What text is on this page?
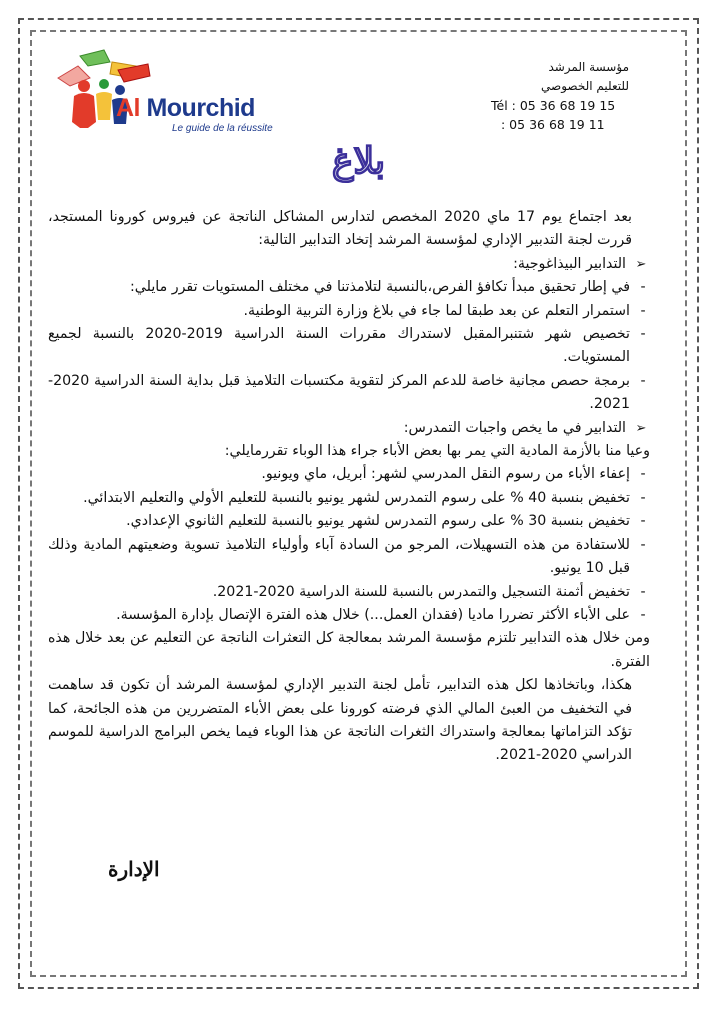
Al Mourchid
Le guide de la réussite
مؤسسة المرشد
للتعليم الخصوصي
Tél : 05 36 68 19 15
: 05 36 68 19 11
بلاغ

بعد اجتماع يوم 17 ماي 2020 المخصص لتدارس المشاكل الناتجة عن فيروس كورونا المستجد، قررت لجنة التدبير الإداري لمؤسسة المرشد إتخاد التدابير التالية:

➢
التدابير البيذاغوجية:
-
في إطار تحقيق مبدأ تكافؤ الفرص،بالنسبة لتلامذتنا في مختلف المستويات تقرر مايلي:
-
استمرار التعلم عن بعد طبقا لما جاء في بلاغ وزارة التربية الوطنية.
-
تخصيص شهر شتنبرالمقبل لاستدراك مقررات السنة الدراسية 2019-2020 بالنسبة لجميع المستويات.
-
برمجة حصص مجانية خاصة للدعم المركز لتقوية مكتسبات التلاميذ قبل بداية السنة الدراسية 2020-2021.
➢
التدابير في ما يخص واجبات التمدرس:

وعيا منا بالأزمة المادية التي يمر بها بعض الأباء جراء هذا الوباء تقررمايلي:

-
إعفاء الأباء من رسوم النقل المدرسي لشهر: أبريل، ماي ويونيو.
-
تخفيض بنسبة 40 % على رسوم التمدرس لشهر يونيو بالنسبة للتعليم الأولي والتعليم الابتدائي.
-
تخفيض بنسبة 30 % على رسوم التمدرس لشهر يونيو بالنسبة للتعليم الثانوي الإعدادي.
-
للاستفادة من هذه التسهيلات، المرجو من السادة آباء وأولياء التلاميذ تسوية وضعيتهم المادية وذلك قبل 10 يونيو.
-
تخفيض أثمنة التسجيل والتمدرس بالنسبة للسنة الدراسية 2020-2021.
-
على الأباء الأكثر تضررا ماديا (فقدان العمل...) خلال هذه الفترة الإتصال بإدارة المؤسسة.

ومن خلال هذه التدابير تلتزم مؤسسة المرشد بمعالجة كل التعثرات الناتجة عن التعليم عن بعد خلال هذه الفترة.

هكذا، وباتخاذها لكل هذه التدابير، تأمل لجنة التدبير الإداري لمؤسسة المرشد أن تكون قد ساهمت في التخفيف من العبئ المالي الذي فرضته كورونا على بعض الأباء المتضررين من هذه الجائحة، كما تؤكد التزاماتها بمعالجة واستدراك الثغرات الناتجة عن هذا الوباء فيما يخص البرامج الدراسية للموسم الدراسي 2020-2021.

الإدارة
